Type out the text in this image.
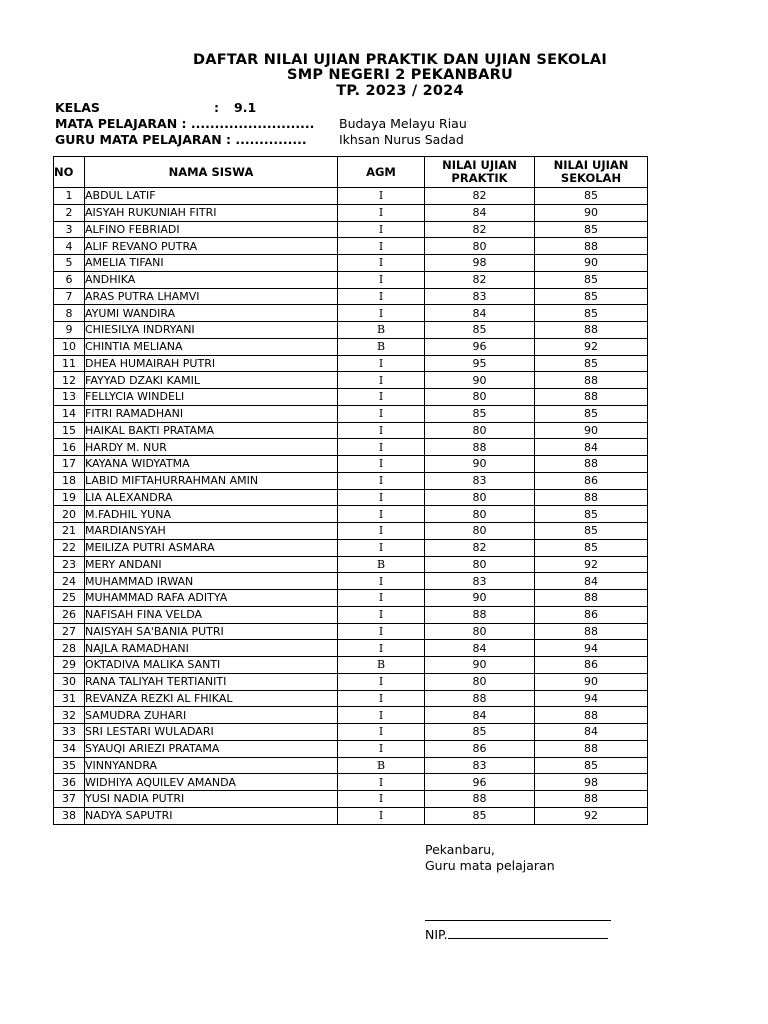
DAFTAR NILAI UJIAN PRAKTIK DAN UJIAN SEKOLAI
SMP NEGERI 2 PEKANBARU
TP. 2023 / 2024
KELAS	: 9.1
MATA PELAJARAN : .......................... Budaya Melayu Riau
GURU MATA PELAJARAN : ...............	Ikhsan Nurus Sadad
NO	NAMA SISWA	AGM	NILAI UJIAN PRAKTIK	NILAI UJIAN SEKOLAH
1	ABDUL LATIF	I	82	85
2	AISYAH RUKUNIAH FITRI	I	84	90
3	ALFINO FEBRIADI	I	82	85
4	ALIF REVANO PUTRA	I	80	88
5	AMELIA TIFANI	I	98	90
6	ANDHIKA	I	82	85
7	ARAS PUTRA LHAMVI	I	83	85
8	AYUMI WANDIRA	I	84	85
9	CHIESILYA INDRYANI	B	85	88
10	CHINTIA MELIANA	B	96	92
11	DHEA HUMAIRAH PUTRI	I	95	85
12	FAYYAD DZAKI KAMIL	I	90	88
13	FELLYCIA WINDELI	I	80	88
14	FITRI RAMADHANI	I	85	85
15	HAIKAL BAKTI PRATAMA	I	80	90
16	HARDY M. NUR	I	88	84
17	KAYANA WIDYATMA	I	90	88
18	LABID MIFTAHURRAHMAN AMIN	I	83	86
19	LIA ALEXANDRA	I	80	88
20	M.FADHIL YUNA	I	80	85
21	MARDIANSYAH	I	80	85
22	MEILIZA PUTRI ASMARA	I	82	85
23	MERY ANDANI	B	80	92
24	MUHAMMAD IRWAN	I	83	84
25	MUHAMMAD RAFA ADITYA	I	90	88
26	NAFISAH FINA VELDA	I	88	86
27	NAISYAH SA'BANIA PUTRI	I	80	88
28	NAJLA RAMADHANI	I	84	94
29	OKTADIVA MALIKA SANTI	B	90	86
30	RANA TALIYAH TERTIANITI	I	80	90
31	REVANZA REZKI AL FHIKAL	I	88	94
32	SAMUDRA ZUHARI	I	84	88
33	SRI LESTARI WULADARI	I	85	84
34	SYAUQI ARIEZI PRATAMA	I	86	88
35	VINNYANDRA	B	83	85
36	WIDHIYA AQUILEV AMANDA	I	96	98
37	YUSI NADIA PUTRI	I	88	88
38	NADYA SAPUTRI	I	85	92
Pekanbaru,
Guru mata pelajaran
NIP.
